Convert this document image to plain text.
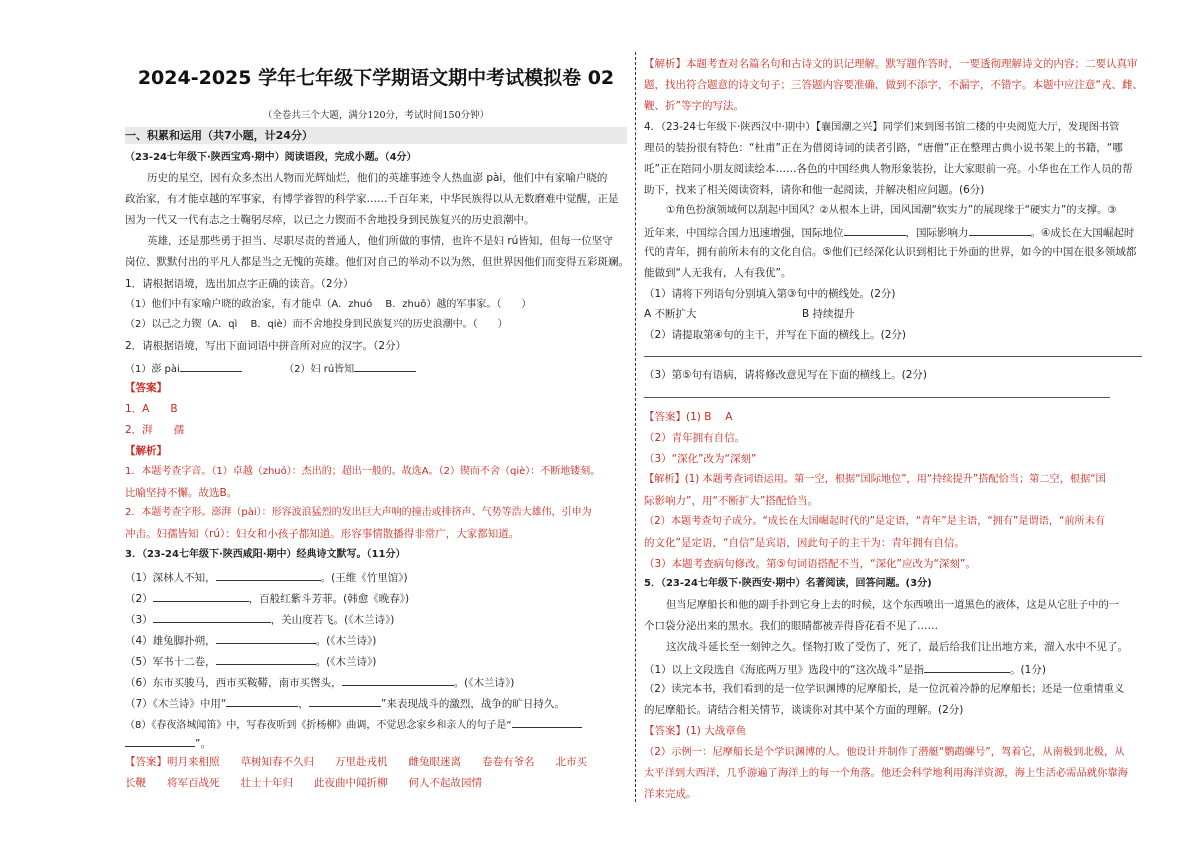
2024-2025 学年七年级下学期语文期中考试模拟卷 02
（全卷共三个大题，满分120分，考试时间150分钟）
一、积累和运用（共7小题，计24分）
（23-24七年级下·陕西宝鸡·期中）阅读语段，完成小题。（4分）
历史的星空，因有众多杰出人物而光辉灿烂，他们的英雄事迹令人热血澎 pài，他们中有家喻户晓的
政治家，有才能卓越的军事家，有博学睿智的科学家……千百年来，中华民族得以从无数磨难中觉醒，正是
因为一代又一代有志之士鞠躬尽瘁，以已之力锲而不舍地投身到民族复兴的历史浪潮中。
英雄，还是那些勇于担当、尽职尽责的普通人，他们所做的事情，也许不是妇 rú皆知，但每一位坚守
岗位、默默付出的平凡人都是当之无愧的英雄。他们对自己的举动不以为然，但世界因他们而变得五彩斑斓。
1．请根据语境，选出加点字正确的读音。（2分）
（1）他们中有家喻户晓的政治家，有才能卓（A．zhuó　 B．zhuō）越的军事家。（　　）
（2）以己之力锲（A．qì　 B．qiè）而不舍地投身到民族复兴的历史浪潮中。（　　）
2．请根据语境，写出下面词语中拼音所对应的汉字。（2分）
（1）澎 pài	（2）妇 rú皆知
【答案】
1．A　　B
2．湃　　孺
【解析】
1．本题考查字音。（1）卓越（zhuó）：杰出的；超出一般的。故选A。（2）锲而不舍（qiè）：不断地镂刻。
比喻坚持不懈。故选B。
2．本题考查字形。澎湃（pài）：形容波浪猛烈的发出巨大声响的撞击或排挤声、气势等浩大雄伟，引申为
冲击。妇孺皆知（rú）：妇女和小孩子都知道。形容事情散播得非常广，大家都知道。
3．（23-24七年级下·陕西咸阳·期中）经典诗文默写。（11分）
（1）深林人不知，	。(王维《竹里馆》)
（2）	，百般红紫斗芳菲。(韩愈《晚春》)
（3）	，关山度若飞。(《木兰诗》)
（4）雄兔脚扑朔，	。(《木兰诗》)
（5）军书十二卷，	。(《木兰诗》)
（6）东市买骏马，西市买鞍鞯，南市买辔头，	。(《木兰诗》)
（7）《木兰诗》中用“	，	”来表现战斗的激烈，战争的旷日持久。
（8）《春夜洛城闻笛》中，写春夜听到《折杨柳》曲调，不觉思念家乡和亲人的句子是“
”。
【答案】明月来相照　　草树知春不久归　　万里赴戎机　　雌兔眼迷离　　卷卷有爷名　　北市买
长鞭　　将军百战死　　壮士十年归　　此夜曲中闻折柳　　何人不起故园情
【解析】本题考查对名篇名句和古诗文的识记理解。默写题作答时，一要透彻理解诗文的内容；二要认真审
题，找出符合题意的诗文句子；三答题内容要准确，做到不添字，不漏字，不错字。本题中应注意“戎、雌、
鞭、折”等字的写法。
4．（23-24七年级下·陕西汉中·期中）【襄国潮之兴】同学们来到图书馆二楼的中央阅览大厅，发现图书管
理员的装扮很有特色：“杜甫”正在为借阅诗词的读者引路，“唐僧”正在整理古典小说书架上的书籍，“哪
吒”正在陪同小朋友阅读绘本……各色的中国经典人物形象装扮，让大家眼前一亮。小华也在工作人员的帮
助下，找来了相关阅读资料，请你和他一起阅读，并解决相应问题。(6分)
①角色扮演领域何以刮起中国风？②从根本上讲，国风国潮“软实力”的展现缘于“硬实力”的支撑。③
近年来，中国综合国力迅速增强，国际地位	，国际影响力	。④成长在大国崛起时
代的青年，拥有前所未有的文化自信。⑤他们已经深化认识到相比于外面的世界，如今的中国在很多领域都
能做到“人无我有，人有我优”。
（1）请将下列语句分别填入第③句中的横线处。(2分)
A 不断扩大	B 持续提升
（2）请提取第④句的主干，并写在下面的横线上。(2分)
（3）第⑤句有语病，请将修改意见写在下面的横线上。(2分)
【答案】(1) B　 A
（2）青年拥有自信。
（3）“深化”改为“深刻”
【解析】(1) 本题考查词语运用。第一空，根据“国际地位”，用“持续提升”搭配恰当；第二空，根据“国
际影响力”，用“不断扩大”搭配恰当。
（2）本题考查句子成分。“成长在大国崛起时代的”是定语，“青年”是主语，“拥有”是谓语，“前所未有
的文化”是定语，“自信”是宾语，因此句子的主干为：青年拥有自信。
（3）本题考查病句修改。第⑤句词语搭配不当，“深化”应改为“深刻”。
5．（23-24七年级下·陕西安·期中）名著阅读，回答问题。(3分)
但当尼摩船长和他的副手扑到它身上去的时候，这个东西喷出一道黑色的液体，这是从它肚子中的一
个口袋分泌出来的黑水。我们的眼睛都被弄得昏花看不见了……
这次战斗延长至一刻钟之久。怪物打败了受伤了，死了，最后给我们让出地方来，溜入水中不见了。
（1）以上文段选自《海底两万里》选段中的“这次战斗”是指	。(1分)
（2）读完本书，我们看到的是一位学识渊博的尼摩船长，是一位沉着冷静的尼摩船长；还是一位重情重义
的尼摩船长。请结合相关情节，谈谈你对其中某个方面的理解。(2分)
【答案】(1) 大战章鱼
（2）示例一：尼摩船长是个学识渊博的人。他设计并制作了潜艇“鹦鹉螺号”，驾着它，从南极到北极，从
太平洋到大西洋，几乎游遍了海洋上的每一个角落。他还会科学地利用海洋资源，海上生活必需品就你靠海
洋来完成。
